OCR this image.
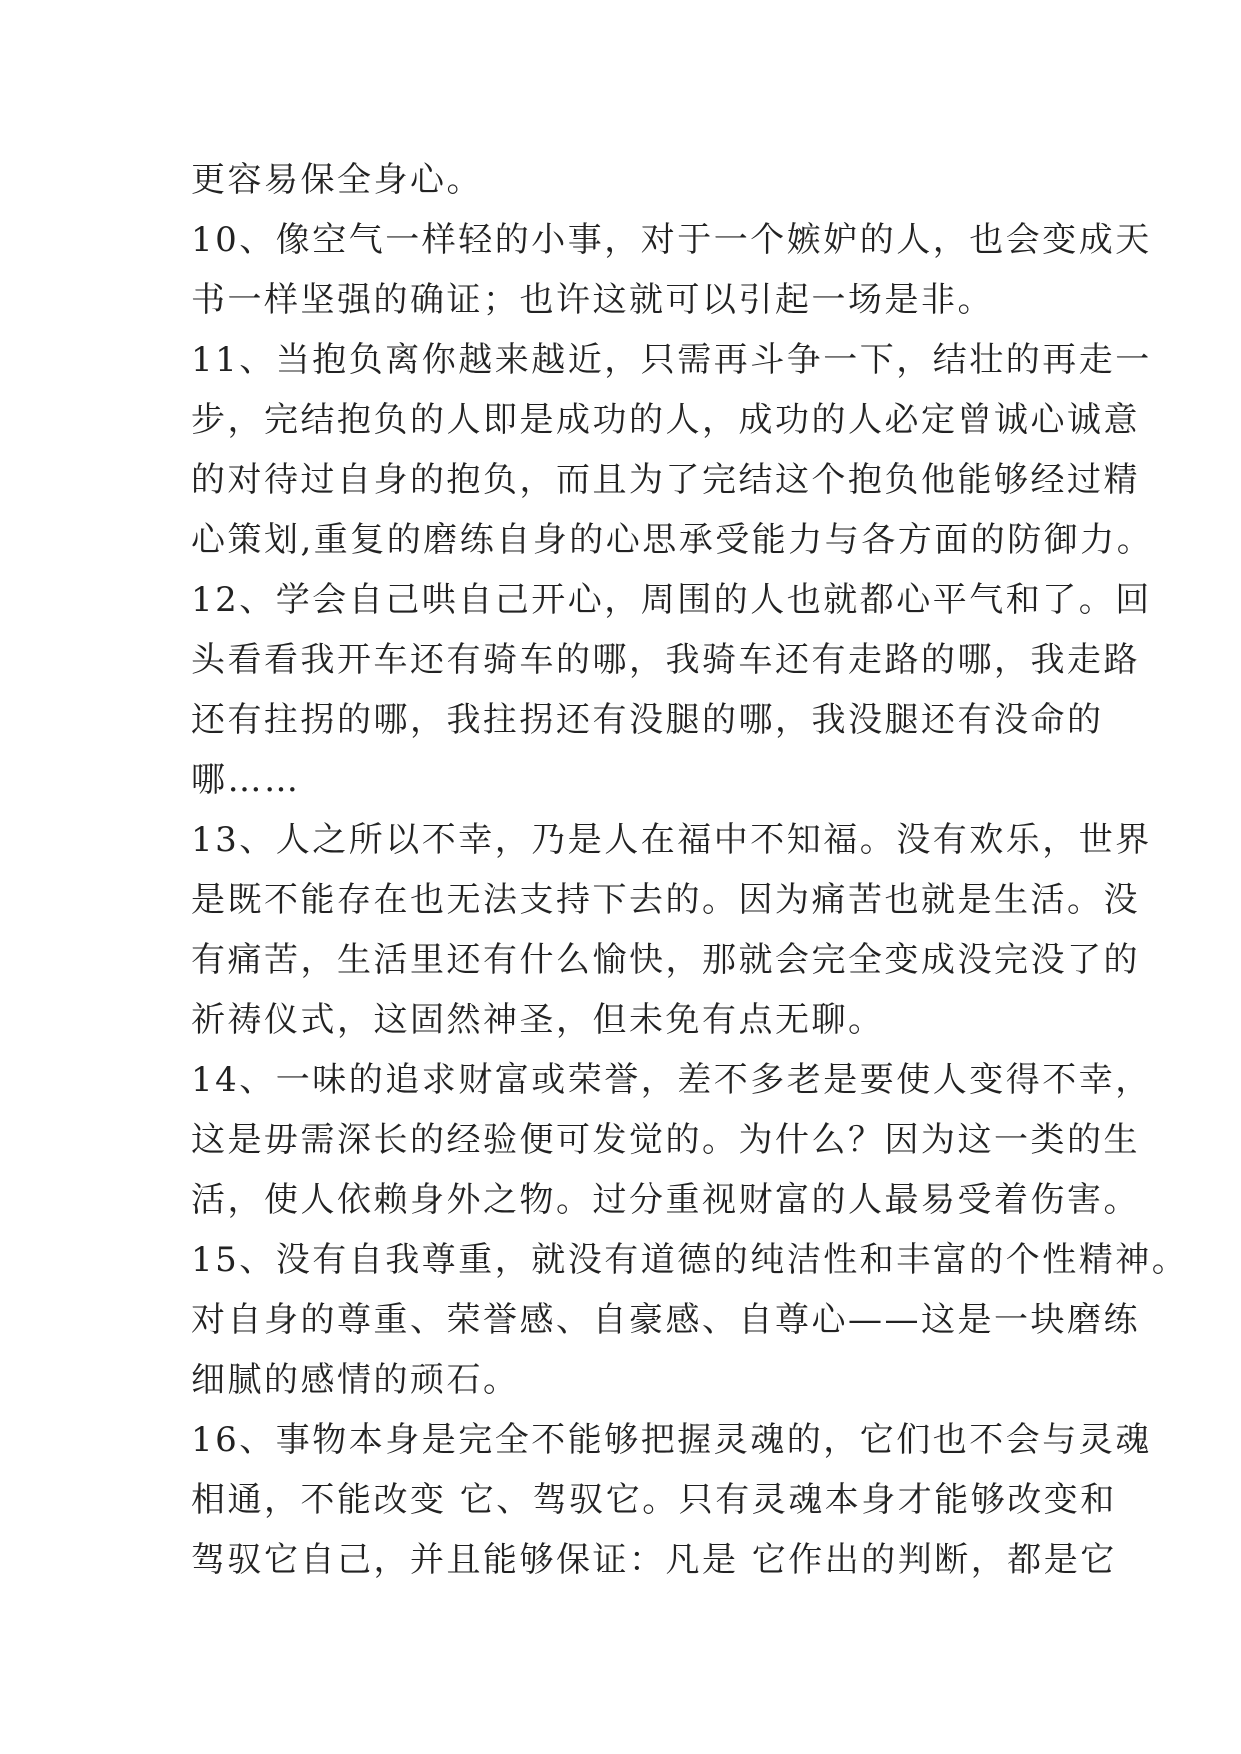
更容易保全身心。
10、像空气一样轻的小事，对于一个嫉妒的人，也会变成天
书一样坚强的确证；也许这就可以引起一场是非。
11、当抱负离你越来越近，只需再斗争一下，结壮的再走一
步，完结抱负的人即是成功的人，成功的人必定曾诚心诚意
的对待过自身的抱负，而且为了完结这个抱负他能够经过精
心策划,重复的磨练自身的心思承受能力与各方面的防御力。
12、学会自己哄自己开心，周围的人也就都心平气和了。回
头看看我开车还有骑车的哪，我骑车还有走路的哪，我走路
还有拄拐的哪，我拄拐还有没腿的哪，我没腿还有没命的
哪……
13、人之所以不幸，乃是人在福中不知福。没有欢乐，世界
是既不能存在也无法支持下去的。因为痛苦也就是生活。没
有痛苦，生活里还有什么愉快，那就会完全变成没完没了的
祈祷仪式，这固然神圣，但未免有点无聊。
14、一味的追求财富或荣誉，差不多老是要使人变得不幸，
这是毋需深长的经验便可发觉的。为什么？因为这一类的生
活，使人依赖身外之物。过分重视财富的人最易受着伤害。
15、没有自我尊重，就没有道德的纯洁性和丰富的个性精神。
对自身的尊重、荣誉感、自豪感、自尊心——这是一块磨练
细腻的感情的顽石。
16、事物本身是完全不能够把握灵魂的，它们也不会与灵魂
相通，不能改变 它、驾驭它。只有灵魂本身才能够改变和
驾驭它自己，并且能够保证：凡是 它作出的判断，都是它
